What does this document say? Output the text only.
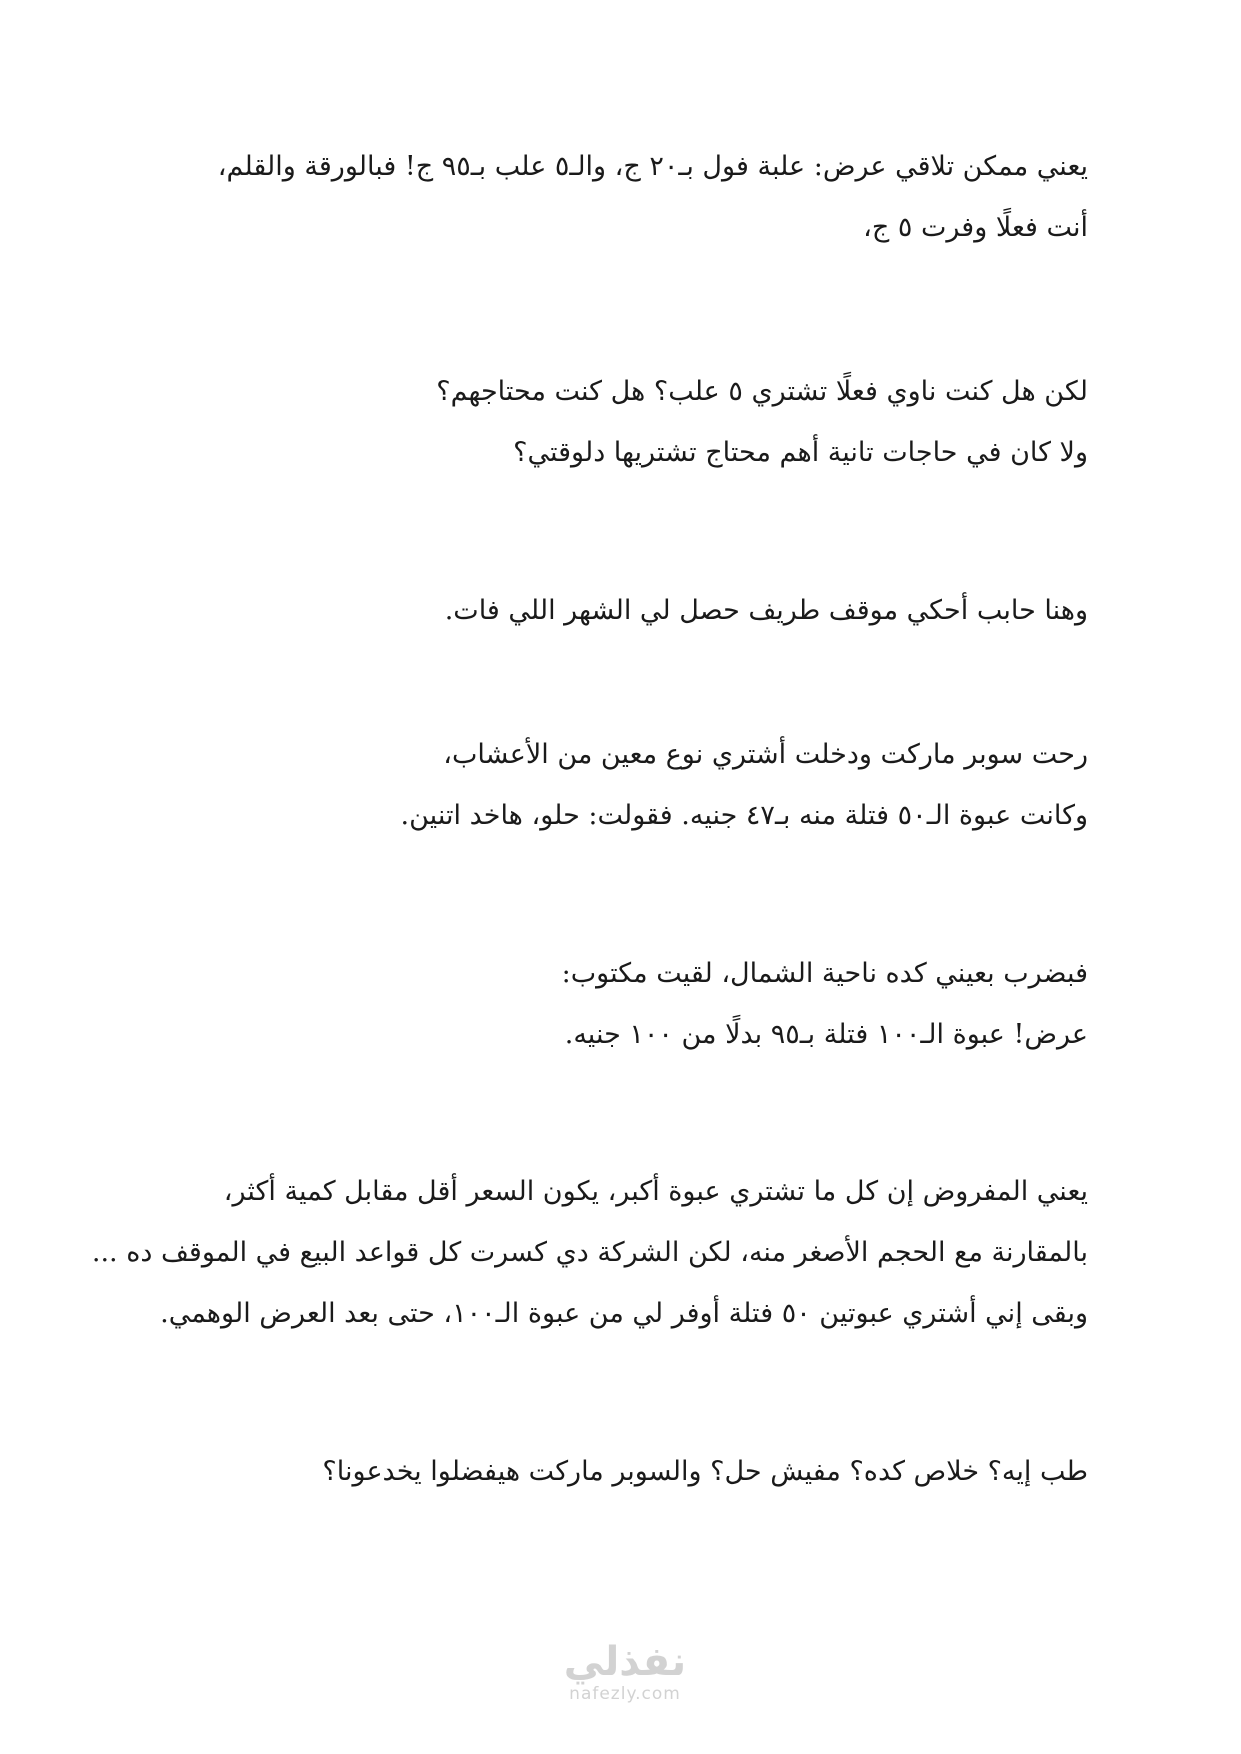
يعني ممكن تلاقي عرض: علبة فول بـ٢٠ ج، والـ٥ علب بـ٩٥ ج! فبالورقة والقلم،
أنت فعلًا وفرت ٥ ج،
لكن هل كنت ناوي فعلًا تشتري ٥ علب؟ هل كنت محتاجهم؟
ولا كان في حاجات تانية أهم محتاج تشتريها دلوقتي؟
وهنا حابب أحكي موقف طريف حصل لي الشهر اللي فات.
رحت سوبر ماركت ودخلت أشتري نوع معين من الأعشاب،
وكانت عبوة الـ٥٠ فتلة منه بـ٤٧ جنيه. فقولت: حلو، هاخد اتنين.
فبضرب بعيني كده ناحية الشمال، لقيت مكتوب:
عرض! عبوة الـ١٠٠ فتلة بـ٩٥ بدلًا من ١٠٠ جنيه.
يعني المفروض إن كل ما تشتري عبوة أكبر، يكون السعر أقل مقابل كمية أكثر،
بالمقارنة مع الحجم الأصغر منه، لكن الشركة دي كسرت كل قواعد البيع في الموقف ده ...
وبقى إني أشتري عبوتين ٥٠ فتلة أوفر لي من عبوة الـ١٠٠، حتى بعد العرض الوهمي.
طب إيه؟ خلاص كده؟ مفيش حل؟ والسوبر ماركت هيفضلوا يخدعونا؟
نفذلي
nafezly.com
